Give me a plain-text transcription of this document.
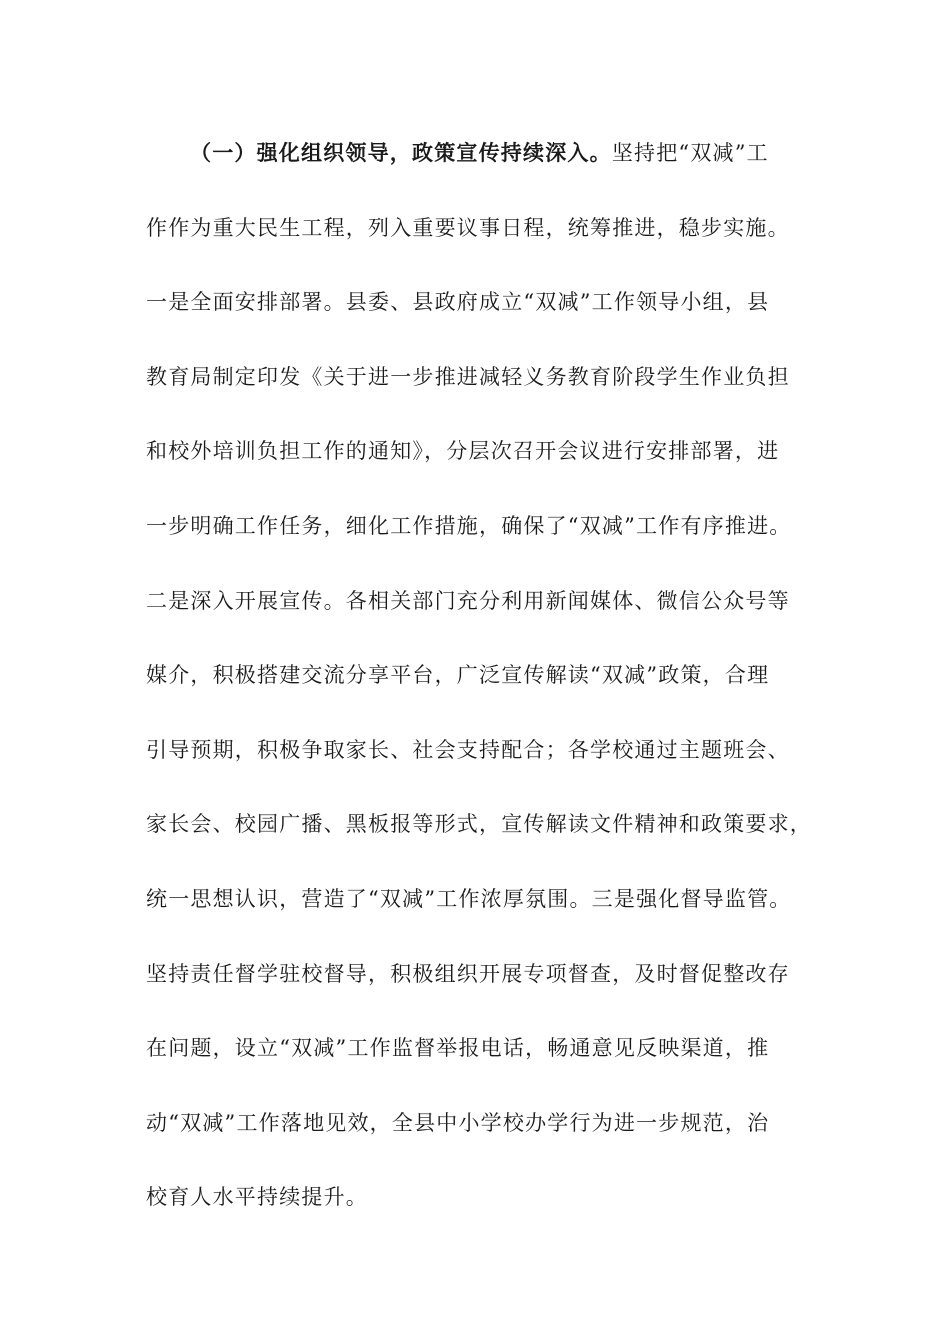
（一）强化组织领导，政策宣传持续深入。坚持把“双减”工
作作为重大民生工程，列入重要议事日程，统筹推进，稳步实施。
一是全面安排部署。县委、县政府成立“双减”工作领导小组，县
教育局制定印发《关于进一步推进减轻义务教育阶段学生作业负担
和校外培训负担工作的通知》，分层次召开会议进行安排部署，进
一步明确工作任务，细化工作措施，确保了“双减”工作有序推进。
二是深入开展宣传。各相关部门充分利用新闻媒体、微信公众号等
媒介，积极搭建交流分享平台，广泛宣传解读“双减”政策，合理
引导预期，积极争取家长、社会支持配合；各学校通过主题班会、
家长会、校园广播、黑板报等形式，宣传解读文件精神和政策要求，
统一思想认识，营造了“双减”工作浓厚氛围。三是强化督导监管。
坚持责任督学驻校督导，积极组织开展专项督查，及时督促整改存
在问题，设立“双减”工作监督举报电话，畅通意见反映渠道，推
动“双减”工作落地见效，全县中小学校办学行为进一步规范，治
校育人水平持续提升。
